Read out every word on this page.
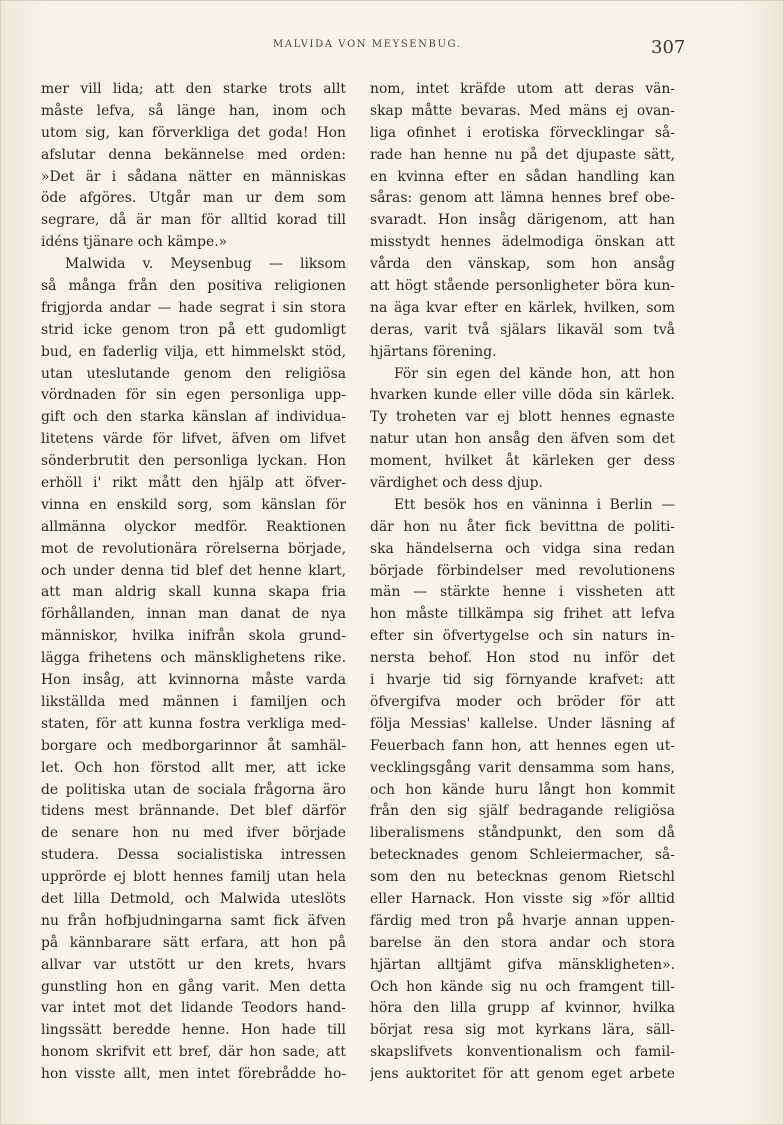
MALVIDA VON MEYSENBUG.	307
mer vill lida; att den starke trots allt
måste lefva, så länge han, inom och
utom sig, kan förverkliga det goda! Hon
afslutar denna bekännelse med orden:
»Det är i sådana nätter en människas
öde afgöres. Utgår man ur dem som
segrare, då är man för alltid korad till
idéns tjänare och kämpe.»
Malwida v. Meysenbug — liksom
så många från den positiva religionen
frigjorda andar — hade segrat i sin stora
strid icke genom tron på ett gudomligt
bud, en faderlig vilja, ett himmelskt stöd,
utan uteslutande genom den religiösa
vördnaden för sin egen personliga upp-
gift och den starka känslan af individua-
litetens värde för lifvet, äfven om lifvet
sönderbrutit den personliga lyckan. Hon
erhöll i' rikt mått den hjälp att öfver-
vinna en enskild sorg, som känslan för
allmänna olyckor medför. Reaktionen
mot de revolutionära rörelserna började,
och under denna tid blef det henne klart,
att man aldrig skall kunna skapa fria
förhållanden, innan man danat de nya
människor, hvilka inifrån skola grund-
lägga frihetens och mänsklighetens rike.
Hon insåg, att kvinnorna måste varda
likställda med männen i familjen och
staten, för att kunna fostra verkliga med-
borgare och medborgarinnor åt samhäl-
let. Och hon förstod allt mer, att icke
de politiska utan de sociala frågorna äro
tidens mest brännande. Det blef därför
de senare hon nu med ifver började
studera. Dessa socialistiska intressen
upprörde ej blott hennes familj utan hela
det lilla Detmold, och Malwida uteslöts
nu från hofbjudningarna samt fick äfven
på kännbarare sätt erfara, att hon på
allvar var utstött ur den krets, hvars
gunstling hon en gång varit. Men detta
var intet mot det lidande Teodors hand-
lingssätt beredde henne. Hon hade till
honom skrifvit ett bref, där hon sade, att
hon visste allt, men intet förebrådde ho-
nom, intet kräfde utom att deras vän-
skap måtte bevaras. Med mäns ej ovan-
liga ofinhet i erotiska förvecklingar så-
rade han henne nu på det djupaste sätt,
en kvinna efter en sådan handling kan
såras: genom att lämna hennes bref obe-
svaradt. Hon insåg därigenom, att han
misstydt hennes ädelmodiga önskan att
vårda den vänskap, som hon ansåg
att högt stående personligheter böra kun-
na äga kvar efter en kärlek, hvilken, som
deras, varit två själars likaväl som två
hjärtans förening.
För sin egen del kände hon, att hon
hvarken kunde eller ville döda sin kärlek.
Ty troheten var ej blott hennes egnaste
natur utan hon ansåg den äfven som det
moment, hvilket åt kärleken ger dess
värdighet och dess djup.
Ett besök hos en väninna i Berlin —
där hon nu åter fick bevittna de politi-
ska händelserna och vidga sina redan
började förbindelser med revolutionens
män — stärkte henne i vissheten att
hon måste tillkämpa sig frihet att lefva
efter sin öfvertygelse och sin naturs in-
nersta behof. Hon stod nu inför det
i hvarje tid sig förnyande krafvet: att
öfvergifva moder och bröder för att
följa Messias' kallelse. Under läsning af
Feuerbach fann hon, att hennes egen ut-
vecklingsgång varit densamma som hans,
och hon kände huru långt hon kommit
från den sig själf bedragande religiösa
liberalismens ståndpunkt, den som då
betecknades genom Schleiermacher, så-
som den nu betecknas genom Rietschl
eller Harnack. Hon visste sig »för alltid
färdig med tron på hvarje annan uppen-
barelse än den stora andar och stora
hjärtan alltjämt gifva mänskligheten».
Och hon kände sig nu och framgent till-
höra den lilla grupp af kvinnor, hvilka
börjat resa sig mot kyrkans lära, säll-
skapslifvets konventionalism och famil-
jens auktoritet för att genom eget arbete
